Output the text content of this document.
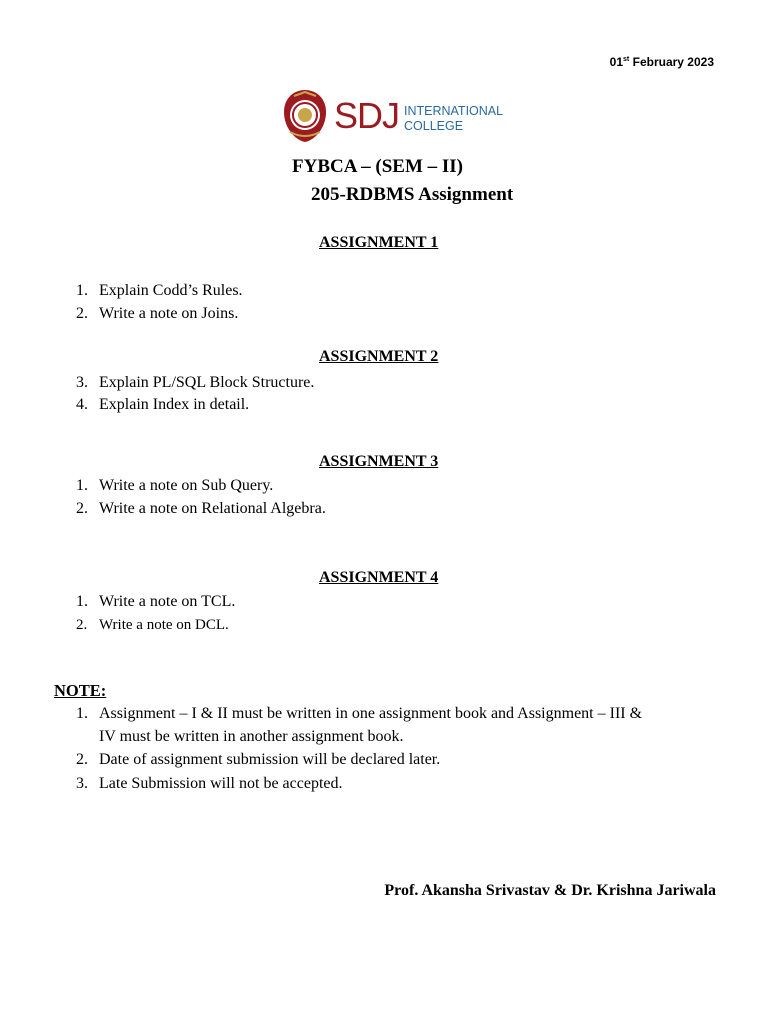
01st February 2023
SDJ INTERNATIONAL
COLLEGE
FYBCA – (SEM – II)
205-RDBMS Assignment
ASSIGNMENT 1
1. Explain Codd’s Rules.
2. Write a note on Joins.
ASSIGNMENT 2
3. Explain PL/SQL Block Structure.
4. Explain Index in detail.
ASSIGNMENT 3
1. Write a note on Sub Query.
2. Write a note on Relational Algebra.
ASSIGNMENT 4
1. Write a note on TCL.
2. Write a note on DCL.
NOTE:
1. Assignment – I & II must be written in one assignment book and Assignment – III &
IV must be written in another assignment book.
2. Date of assignment submission will be declared later.
3. Late Submission will not be accepted.
Prof. Akansha Srivastav & Dr. Krishna Jariwala
